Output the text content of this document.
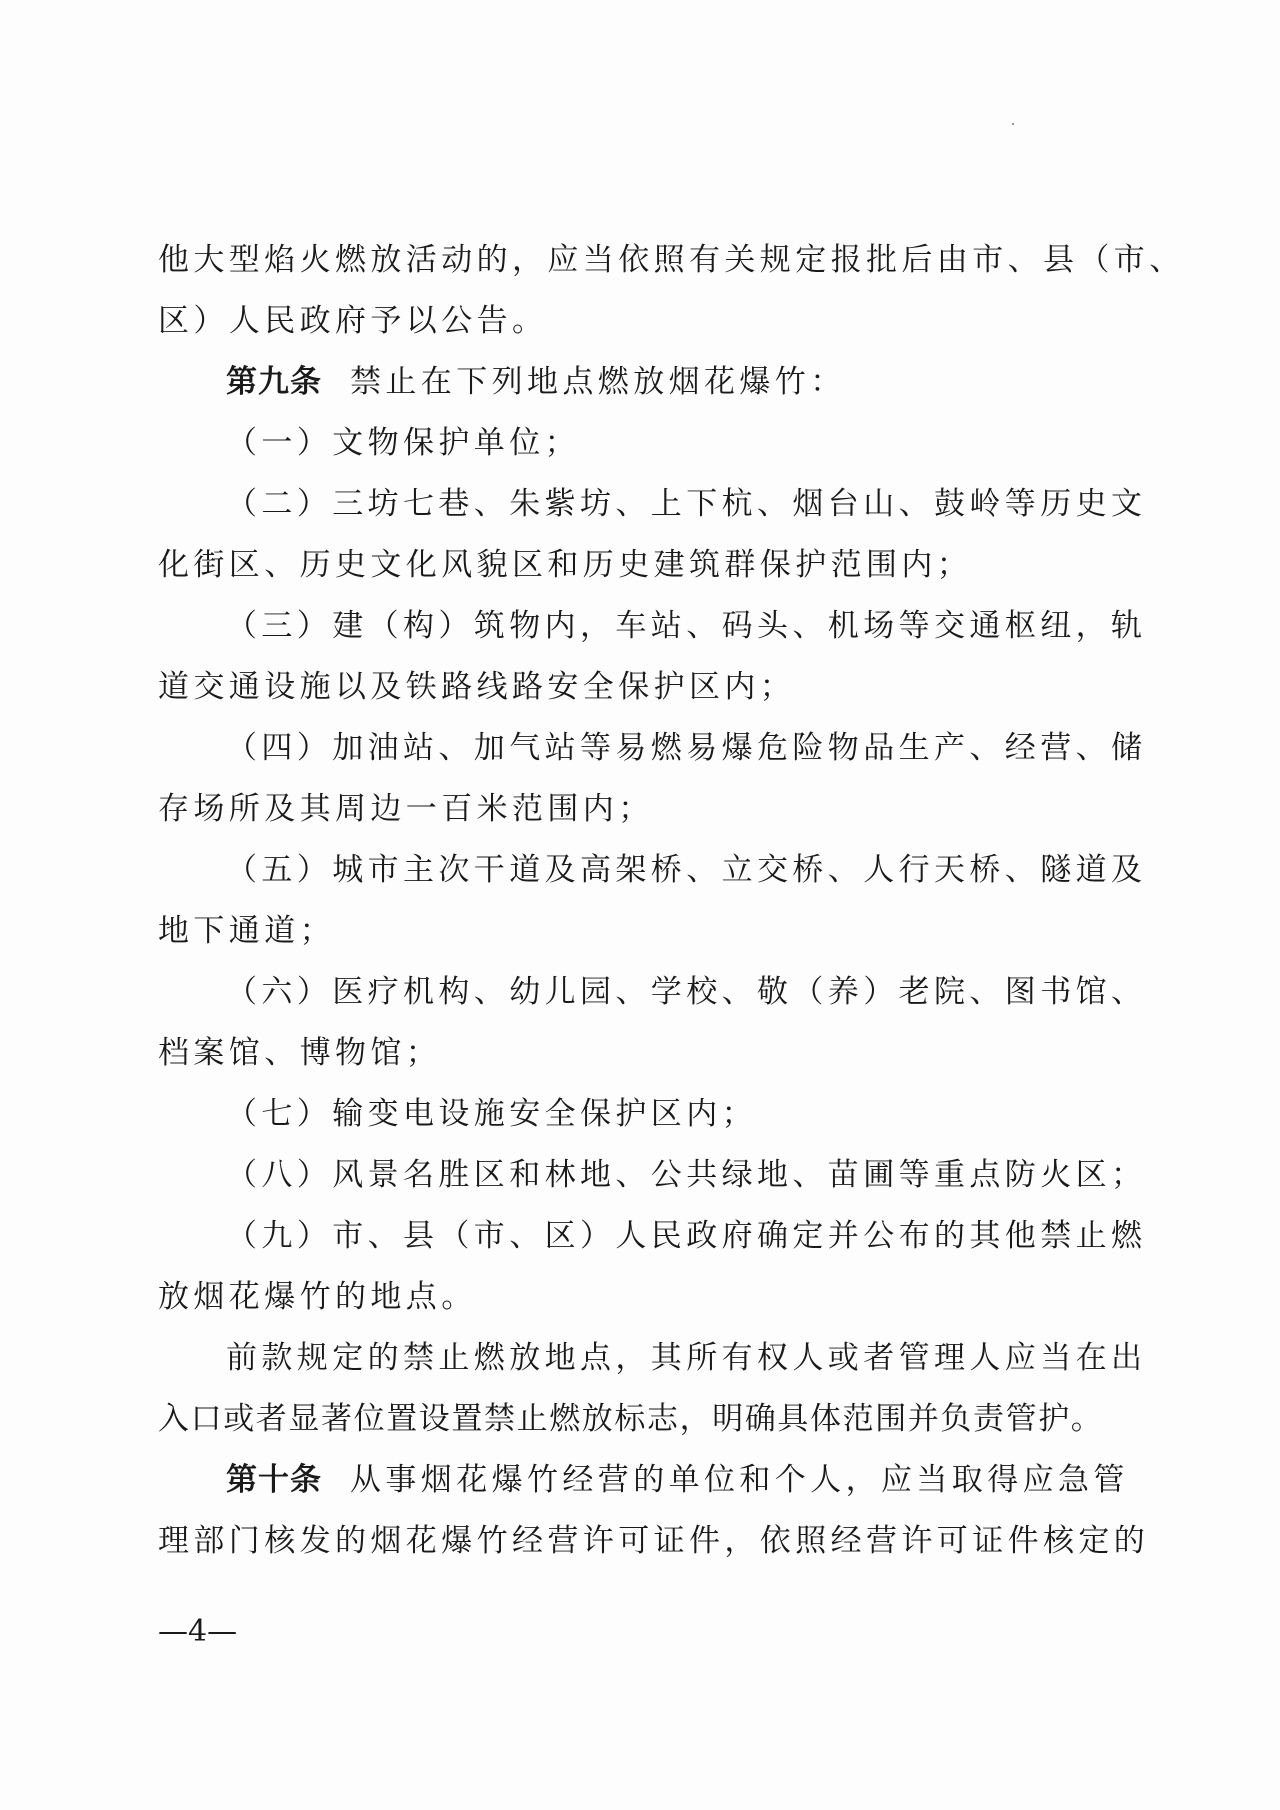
他大型焰火燃放活动的，应当依照有关规定报批后由市、县（市、
区）人民政府予以公告。
第九条 禁止在下列地点燃放烟花爆竹：
（一）文物保护单位；
（二）三坊七巷、朱紫坊、上下杭、烟台山、鼓岭等历史文
化街区、历史文化风貌区和历史建筑群保护范围内；
（三）建（构）筑物内，车站、码头、机场等交通枢纽，轨
道交通设施以及铁路线路安全保护区内；
（四）加油站、加气站等易燃易爆危险物品生产、经营、储
存场所及其周边一百米范围内；
（五）城市主次干道及高架桥、立交桥、人行天桥、隧道及
地下通道；
（六）医疗机构、幼儿园、学校、敬（养）老院、图书馆、
档案馆、博物馆；
（七）输变电设施安全保护区内；
（八）风景名胜区和林地、公共绿地、苗圃等重点防火区；
（九）市、县（市、区）人民政府确定并公布的其他禁止燃
放烟花爆竹的地点。
前款规定的禁止燃放地点，其所有权人或者管理人应当在出
入口或者显著位置设置禁止燃放标志，明确具体范围并负责管护。
第十条 从事烟花爆竹经营的单位和个人，应当取得应急管
理部门核发的烟花爆竹经营许可证件，依照经营许可证件核定的
—4—
